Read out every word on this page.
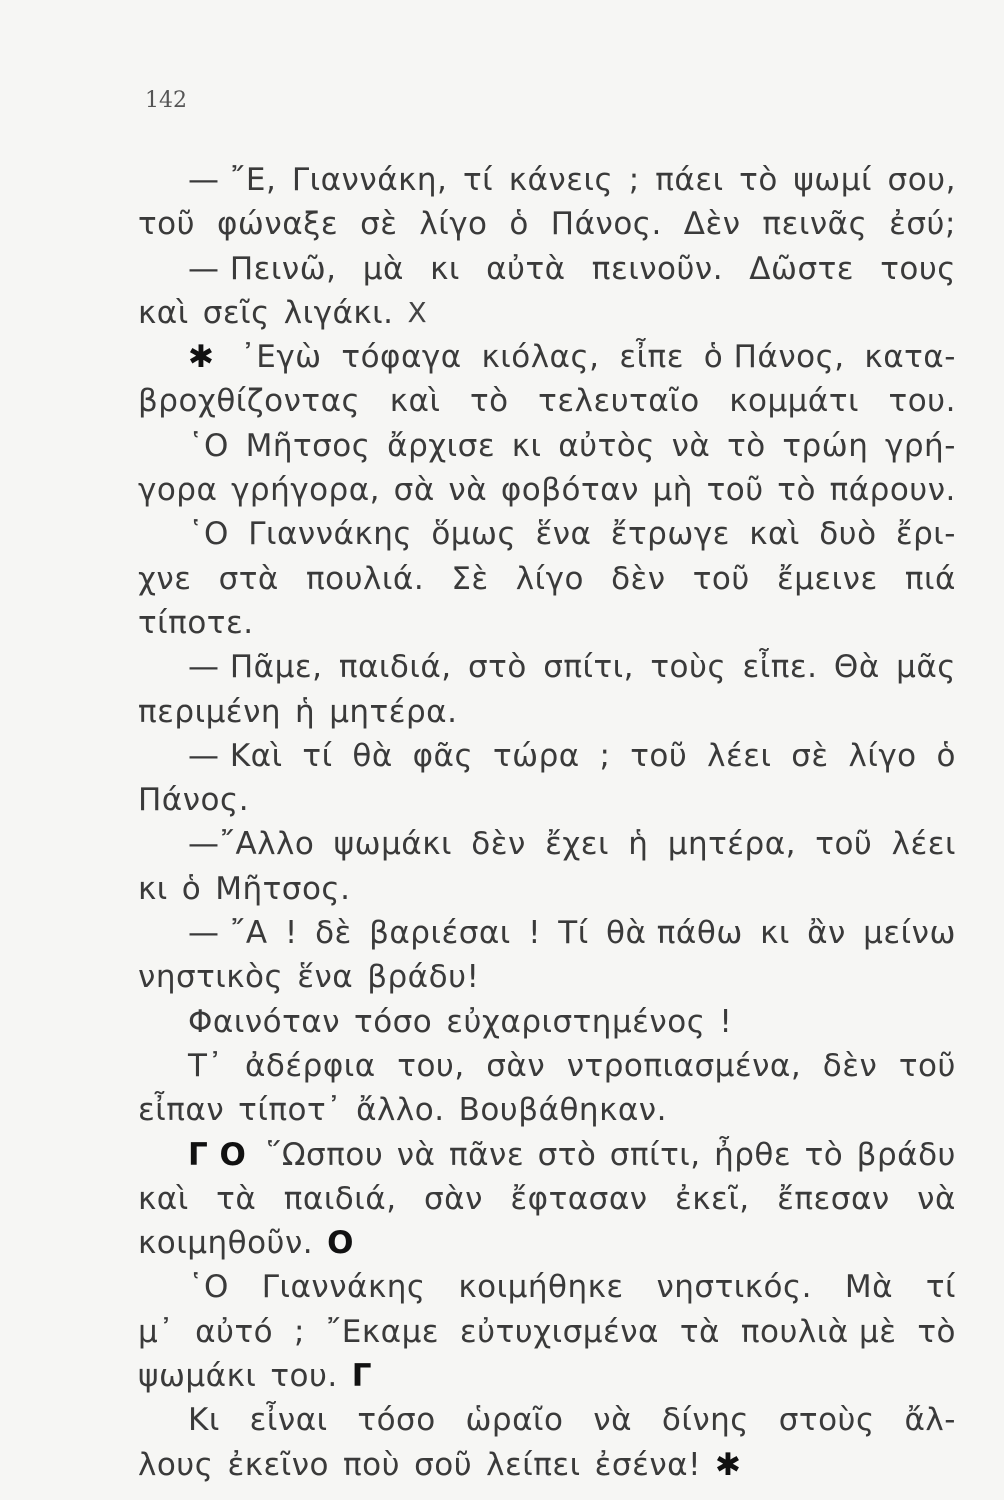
142
— ῎Ε, Γιαννάκη, τί κάνεις ; πάει τὸ ψωμί σου,
τοῦ φώναξε σὲ λίγο ὁ Πάνος. Δὲν πεινᾶς ἐσύ;
— Πεινῶ, μὰ κι αὐτὰ πεινοῦν. Δῶστε τους
καὶ σεῖς λιγάκι. X
✱ ᾿Εγὼ τόφαγα κιόλας, εἶπε ὁ Πάνος, κατα-
βροχθίζοντας καὶ τὸ τελευταῖο κομμάτι του.
῾Ο Μῆτσος ἄρχισε κι αὐτὸς νὰ τὸ τρώη γρή-
γορα γρήγορα, σὰ νὰ φοβόταν μὴ τοῦ τὸ πάρουν.
῾Ο Γιαννάκης ὅμως ἕνα ἔτρωγε καὶ δυὸ ἔρι-
χνε στὰ πουλιά. Σὲ λίγο δὲν τοῦ ἔμεινε πιά
τίποτε.
— Πᾶμε, παιδιά, στὸ σπίτι, τοὺς εἶπε. Θὰ μᾶς
περιμένη ἡ μητέρα.
— Καὶ τί θὰ φᾶς τώρα ; τοῦ λέει σὲ λίγο ὁ
Πάνος.
—῎Αλλο ψωμάκι δὲν ἔχει ἡ μητέρα, τοῦ λέει
κι ὁ Μῆτσος.
— ῎Α ! δὲ βαριέσαι ! Τί θὰ πάθω κι ἂν μείνω
νηστικὸς ἕνα βράδυ!
Φαινόταν τόσο εὐχαριστημένος !
Τ᾿ ἀδέρφια του, σὰν ντροπιασμένα, δὲν τοῦ
εἶπαν τίποτ᾿ ἄλλο. Βουβάθηκαν.
Γ Ο ῞Ωσπου νὰ πᾶνε στὸ σπίτι, ἦρθε τὸ βράδυ
καὶ τὰ παιδιά, σὰν ἔφτασαν ἐκεῖ, ἔπεσαν νὰ
κοιμηθοῦν. Ο
῾Ο Γιαννάκης κοιμήθηκε νηστικός. Μὰ τί
μ᾿ αὐτό ; ῎Εκαμε εὐτυχισμένα τὰ πουλιὰ μὲ τὸ
ψωμάκι του. Γ
Κι εἶναι τόσο ὡραῖο νὰ δίνης στοὺς ἄλ-
λους ἐκεῖνο ποὺ σοῦ λείπει ἐσένα! ✱
